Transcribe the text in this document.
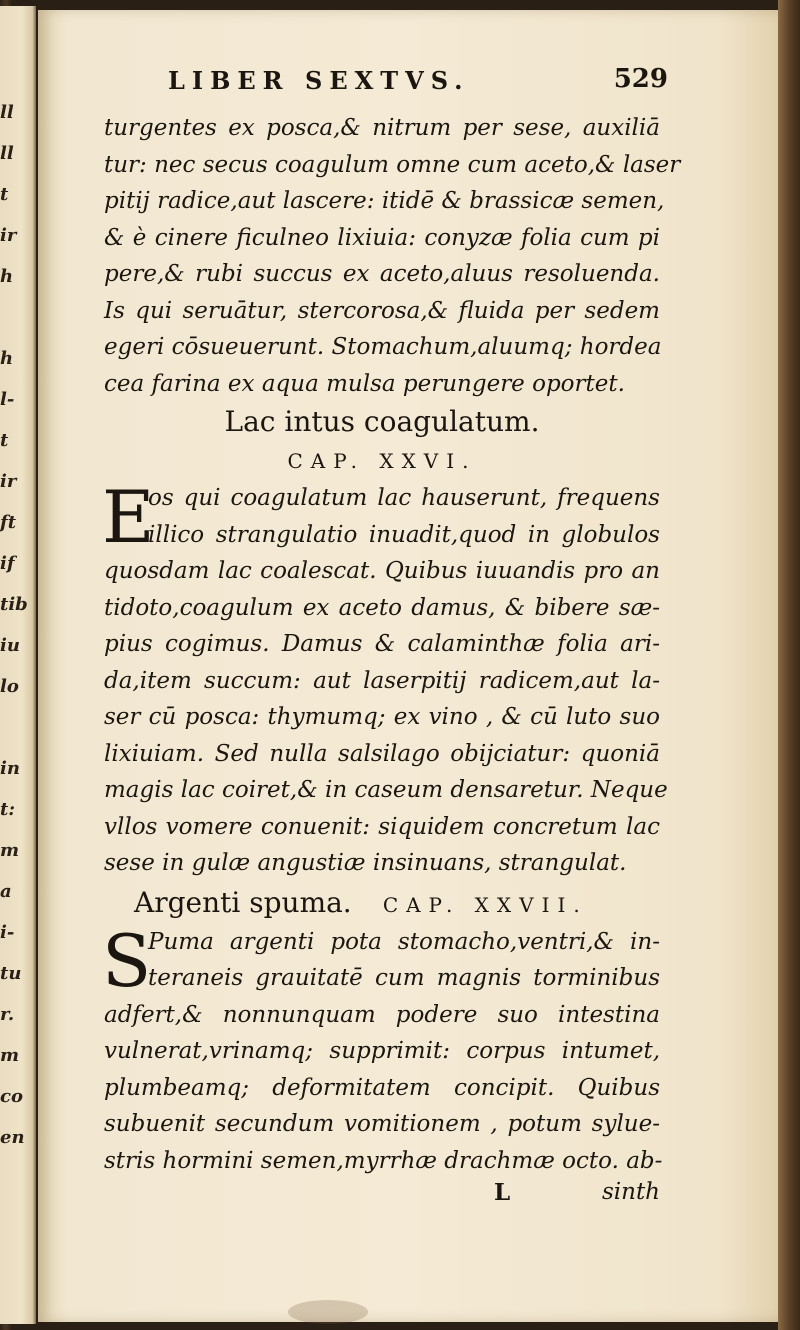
ll
ll
t
ir
h
h
l-
t
ir
ft
if
tib
iu
lo
in
t:
m
a
i-
tu
r.
m
co
en
LIBER SEXTVS.	529
turgentes ex posca,& nitrum per sese, auxiliā
tur: nec secus coagulum omne cum aceto,& laser
pitij radice,aut lascere: itidē & brassicæ semen,
& è cinere ficulneo lixiuia: conyzæ folia cum pi
pere,& rubi succus ex aceto,aluus resoluenda.
Is qui seruātur, stercorosa,& fluida per sedem
egeri cōsueuerunt. Stomachum,aluumq; hordea
cea farina ex aqua mulsa perungere oportet.
Lac intus coagulatum.
CAP. XXVI.
E
os qui coagulatum lac hauserunt, frequens
illico strangulatio inuadit,quod in globulos
quosdam lac coalescat. Quibus iuuandis pro an
tidoto,coagulum ex aceto damus, & bibere sæ-
pius cogimus. Damus & calaminthæ folia ari-
da,item succum: aut laserpitij radicem,aut la-
ser cū posca: thymumq; ex vino , & cū luto suo
lixiuiam. Sed nulla salsilago obijciatur: quoniā
magis lac coiret,& in caseum densaretur. Neque
vllos vomere conuenit: siquidem concretum lac
sese in gulæ angustiæ insinuans, strangulat.
Argenti spuma. CAP. XXVII.
S
Puma argenti pota stomacho,ventri,& in-
teraneis grauitatē cum magnis torminibus
adfert,& nonnunquam podere suo intestina
vulnerat,vrinamq; supprimit: corpus intumet,
plumbeamq; deformitatem concipit. Quibus
subuenit secundum vomitionem , potum sylue-
stris hormini semen,myrrhæ drachmæ octo. ab-
L	sinth
